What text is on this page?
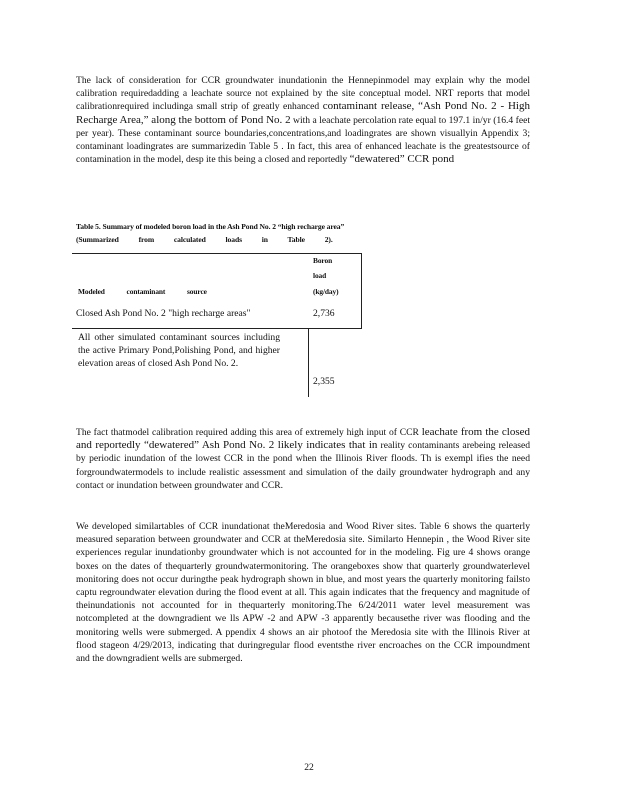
The lack of consideration for CCR groundwater inundationin the Hennepinmodel may explain why the model calibration requiredadding a leachate source not explained by the site conceptual model. NRT reports that model calibrationrequired includinga small strip of greatly enhanced contaminant release, “Ash Pond No. 2 - High Recharge Area,” along the bottom of Pond No. 2 with a leachate percolation rate equal to 197.1 in/yr (16.4 feet per year). These contaminant source boundaries,concentrations,and loadingrates are shown visuallyin Appendix 3; contaminant loadingrates are summarizedin Table 5 . In fact, this area of enhanced leachate is the greatestsource of contamination in the model, desp ite this being a closed and reportedly “dewatered” CCR pond

Table 5. Summary of modeled boron load in the Ash Pond No. 2 “high recharge area”

(Summarized from calculated loads in Table 2).

Modeled contaminant source

Boron

load

(kg/day)

Closed Ash Pond No. 2 "high recharge areas"	2,736

All other simulated contaminant sources including the active Primary Pond,Polishing Pond, and higher elevation areas of closed Ash Pond No. 2.

2,355

The fact thatmodel calibration required adding this area of extremely high input of CCR leachate from the closed and reportedly “dewatered” Ash Pond No. 2 likely indicates that in reality contaminants arebeing released by periodic inundation of the lowest CCR in the pond when the Illinois River floods. Th is exempl ifies the need forgroundwatermodels to include realistic assessment and simulation of the daily groundwater hydrograph and any contact or inundation between groundwater and CCR.

We developed similartables of CCR inundationat theMeredosia and Wood River sites. Table 6 shows the quarterly measured separation between groundwater and CCR at theMeredosia site. Similarto Hennepin , the Wood River site experiences regular inundationby groundwater which is not accounted for in the modeling. Fig ure 4 shows orange boxes on the dates of thequarterly groundwatermonitoring. The orangeboxes show that quarterly groundwaterlevel monitoring does not occur duringthe peak hydrograph shown in blue, and most years the quarterly monitoring failsto captu regroundwater elevation during the flood event at all. This again indicates that the frequency and magnitude of theinundationis not accounted for in thequarterly monitoring.The 6/24/2011 water level measurement was notcompleted at the downgradient we lls APW -2 and APW -3 apparently becausethe river was flooding and the monitoring wells were submerged. A ppendix 4 shows an air photoof the Meredosia site with the Illinois River at flood stageon 4/29/2013, indicating that duringregular flood eventsthe river encroaches on the CCR impoundment and the downgradient wells are submerged.

22
